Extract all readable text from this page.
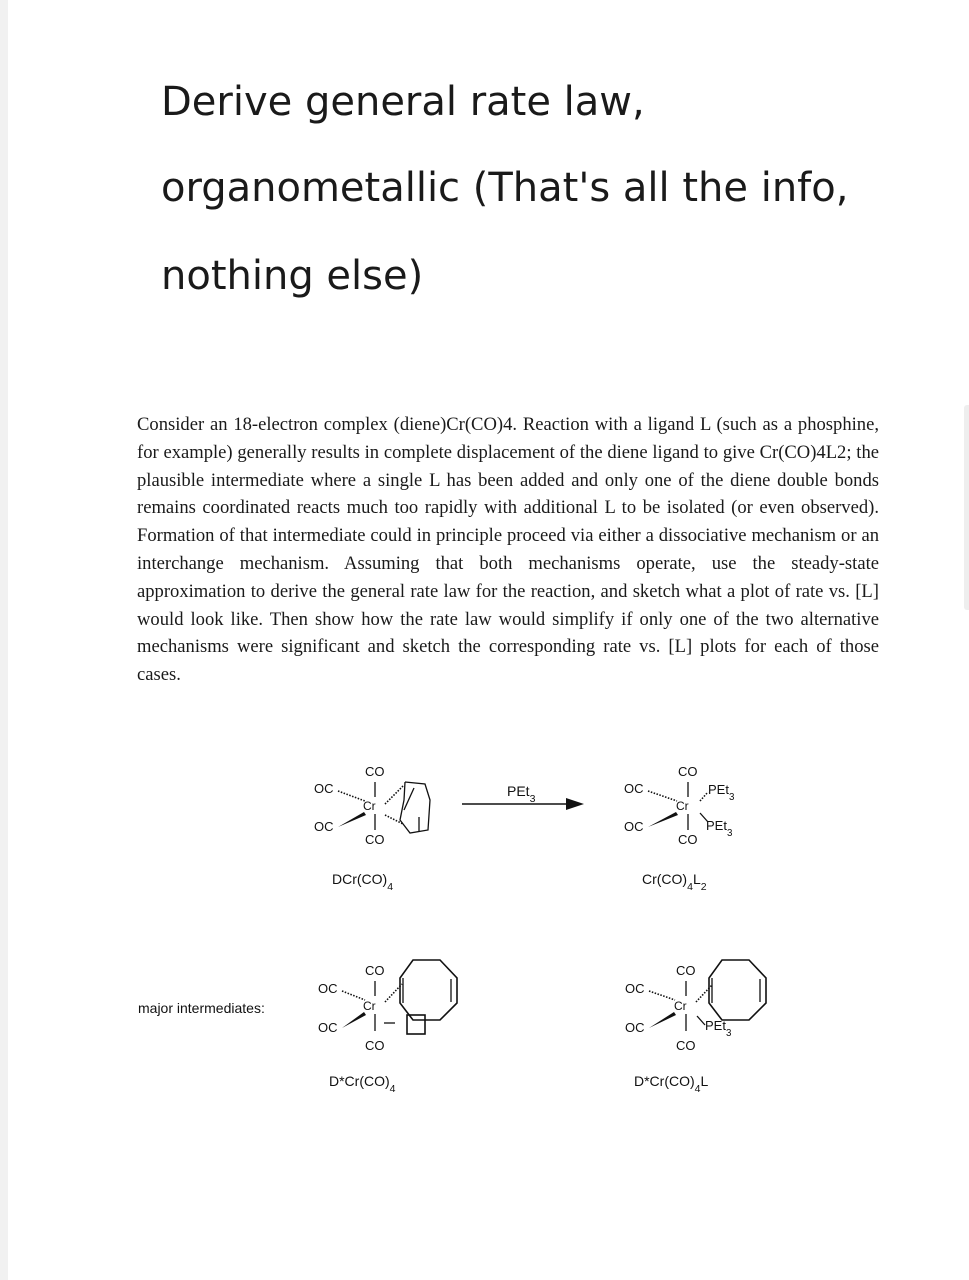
Derive general rate law,
organometallic (That's all the info,
nothing else)
Consider an 18-electron complex (diene)Cr(CO)4. Reaction with a ligand L (such as a phosphine, for example) generally results in complete displacement of the diene ligand to give Cr(CO)4L2; the plausible intermediate where a single L has been added and only one of the diene double bonds remains coordinated reacts much too rapidly with additional L to be isolated (or even observed). Formation of that intermediate could in principle proceed via either a dissociative mechanism or an interchange mechanism. Assuming that both mechanisms operate, use the steady-state approximation to derive the general rate law for the reaction, and sketch what a plot of rate vs. [L] would look like. Then show how the rate law would simplify if only one of the two alternative mechanisms were significant and sketch the corresponding rate vs. [L] plots for each of those cases.
CO
OC
Cr
OC
CO
$DCr(CO)_4$
PEt$_3$
CO
OC	PEt$_3$
Cr
OC	PEt$_3$
CO
$Cr(CO)_4L_2$
major intermediates:
CO
OC
Cr
OC
CO
$D*Cr(CO)_4$
CO
OC
Cr
OC	PEt$_3$
CO
$D*Cr(CO)_4L$
